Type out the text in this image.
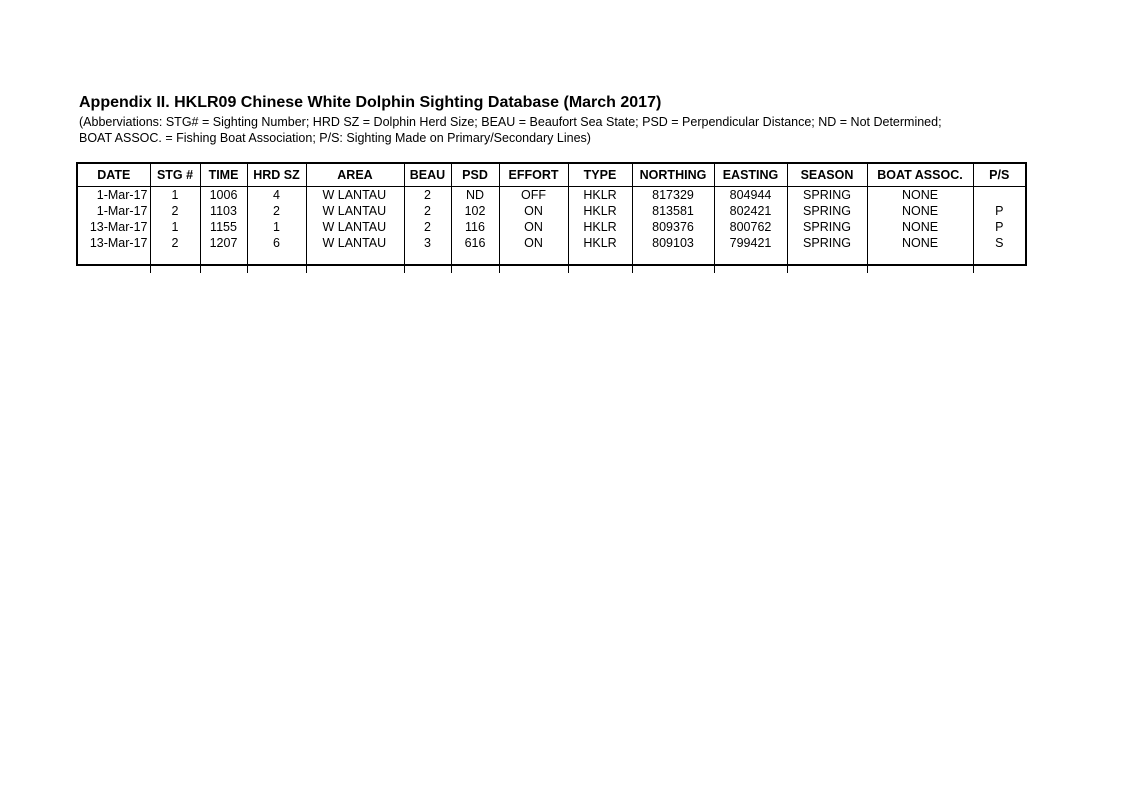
Appendix II. HKLR09 Chinese White Dolphin Sighting Database (March 2017)
(Abberviations: STG# = Sighting Number; HRD SZ = Dolphin Herd Size; BEAU = Beaufort Sea State; PSD = Perpendicular Distance; ND = Not Determined;
BOAT ASSOC. = Fishing Boat Association; P/S: Sighting Made on Primary/Secondary Lines)
DATE	STG #	TIME	HRD SZ	AREA	BEAU	PSD	EFFORT	TYPE	NORTHING	EASTING	SEASON	BOAT ASSOC.	P/S
1-Mar-17	1	1006	4	W LANTAU	2	ND	OFF	HKLR	817329	804944	SPRING	NONE	
1-Mar-17	2	1103	2	W LANTAU	2	102	ON	HKLR	813581	802421	SPRING	NONE	P
13-Mar-17	1	1155	1	W LANTAU	2	116	ON	HKLR	809376	800762	SPRING	NONE	P
13-Mar-17	2	1207	6	W LANTAU	3	616	ON	HKLR	809103	799421	SPRING	NONE	S
